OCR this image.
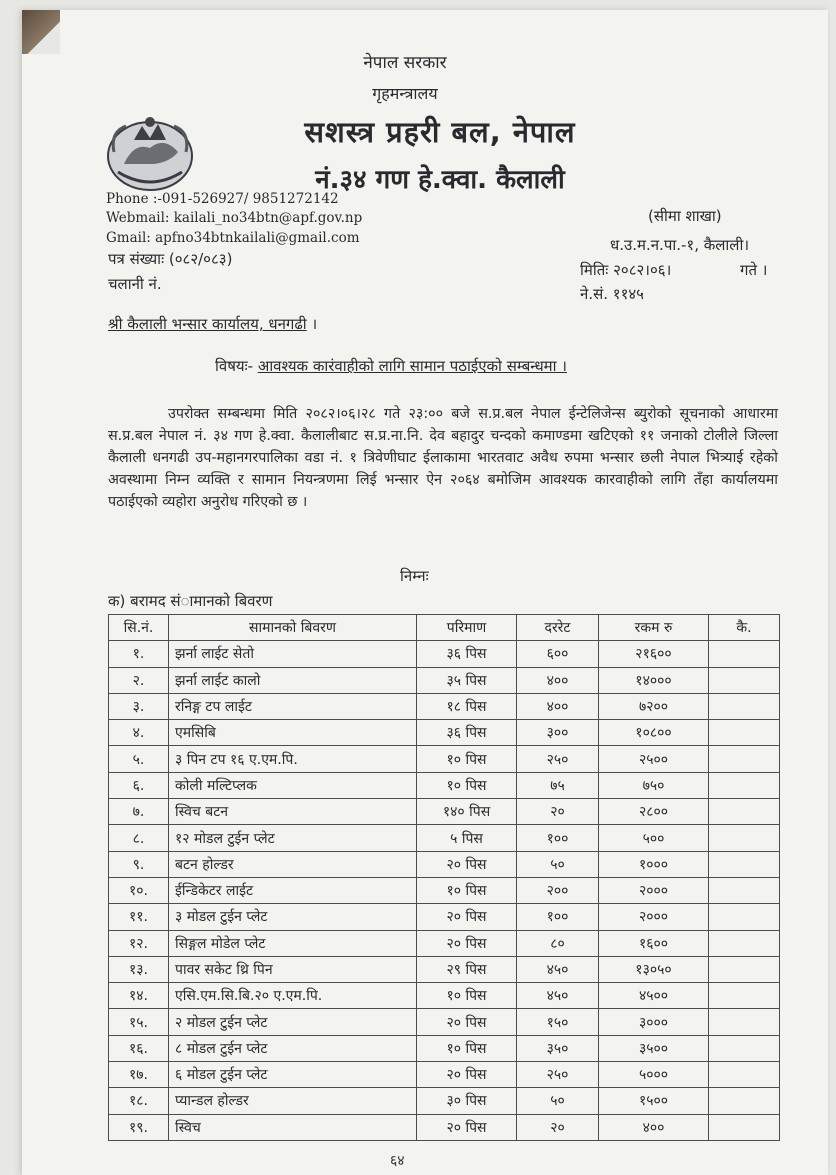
नेपाल सरकार
गृहमन्त्रालय
सशस्त्र प्रहरी बल, नेपाल
नं.३४ गण हे.क्वा. कैलाली
Phone :-091-526927/ 9851272142
Webmail: kailali_no34btn@apf.gov.np
Gmail: apfno34btnkailali@gmail.com
पत्र संख्याः (०८२/०८३)
चलानी नं.
(सीमा शाखा)
ध.उ.म.न.पा.-१, कैलाली।
मितिः २०८२।०६।	गते ।
ने.सं. ११४५
श्री कैलाली भन्सार कार्यालय, धनगढी ।
विषयः- आवश्यक कारंवाहीको लागि सामान पठाईएको सम्बन्धमा ।
उपरोक्त सम्बन्धमा मिति २०८२।०६।२८ गते २३:०० बजे स.प्र.बल नेपाल ईन्टेलिजेन्स ब्युरोको सूचनाको आधारमा स.प्र.बल नेपाल नं. ३४ गण हे.क्वा. कैलालीबाट स.प्र.ना.नि. देव बहादुर चन्दको कमाण्डमा खटिएको ११ जनाको टोलीले जिल्ला कैलाली धनगढी उप-महानगरपालिका वडा नं. १ त्रिवेणीघाट ईलाकामा भारतवाट अवैध रुपमा भन्सार छली नेपाल भित्र्याई रहेको अवस्थामा निम्न व्यक्ति र सामान नियन्त्रणमा लिई भन्सार ऐन २०६४ बमोजिम आवश्यक कारवाहीको लागि तँहा कार्यालयमा पठाईएको व्यहोरा अनुरोध गरिएको छ ।
निम्नः
क) बरामद संामानको बिवरण
सि.नं.	सामानको बिवरण	परिमाण	दररेट	रकम रु	कै.
१.	झर्ना लाईट सेतो	३६ पिस	६००	२१६००	
२.	झर्ना लाईट कालो	३५ पिस	४००	१४०००	
३.	रनिङ्ग टप लाईट	१८ पिस	४००	७२००	
४.	एमसिबि	३६ पिस	३००	१०८००	
५.	३ पिन टप १६ ए.एम.पि.	१० पिस	२५०	२५००	
६.	कोली मल्टिप्लक	१० पिस	७५	७५०	
७.	स्विच बटन	१४० पिस	२०	२८००	
८.	१२ मोडल टुईन प्लेट	५ पिस	१००	५००	
९.	बटन होल्डर	२० पिस	५०	१०००	
१०.	ईन्डिकेटर लाईट	१० पिस	२००	२०००	
११.	३ मोडल टुईन प्लेट	२० पिस	१००	२०००	
१२.	सिङ्गल मोडेल प्लेट	२० पिस	८०	१६००	
१३.	पावर सकेट थ्रि पिन	२९ पिस	४५०	१३०५०	
१४.	एसि.एम.सि.बि.२० ए.एम.पि.	१० पिस	४५०	४५००	
१५.	२ मोडल टुईन प्लेट	२० पिस	१५०	३०००	
१६.	८ मोडल टुईन प्लेट	१० पिस	३५०	३५००	
१७.	६ मोडल टुईन प्लेट	२० पिस	२५०	५०००	
१८.	प्यान्डल होल्डर	३० पिस	५०	१५००	
१९.	स्विच	२० पिस	२०	४००	
६४
